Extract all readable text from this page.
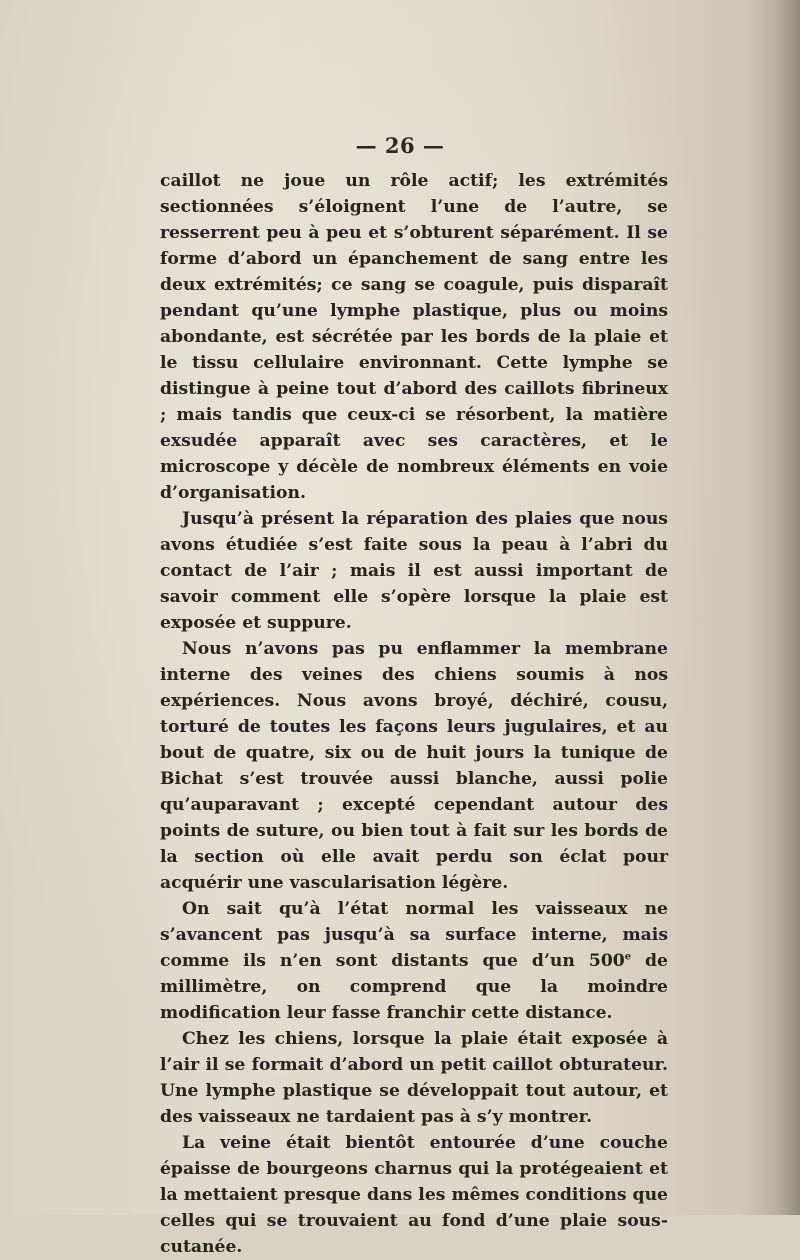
— 26 —

caillot ne joue un rôle actif; les extrémités sectionnées s’éloignent l’une de l’autre, se resserrent peu à peu et s’obturent séparément. Il se forme d’abord un épanchement de sang entre les deux extrémités; ce sang se coagule, puis disparaît pendant qu’une lymphe plastique, plus ou moins abondante, est sécrétée par les bords de la plaie et le tissu cellulaire environnant. Cette lymphe se distingue à peine tout d’abord des caillots fibrineux ; mais tandis que ceux-ci se résorbent, la matière exsudée apparaît avec ses caractères, et le microscope y décèle de nombreux éléments en voie d’organisation.

Jusqu’à présent la réparation des plaies que nous avons étudiée s’est faite sous la peau à l’abri du contact de l’air ; mais il est aussi important de savoir comment elle s’opère lorsque la plaie est exposée et suppure.

Nous n’avons pas pu enflammer la membrane interne des veines des chiens soumis à nos expériences. Nous avons broyé, déchiré, cousu, torturé de toutes les façons leurs jugulaires, et au bout de quatre, six ou de huit jours la tunique de Bichat s’est trouvée aussi blanche, aussi polie qu’auparavant ; excepté cependant autour des points de suture, ou bien tout à fait sur les bords de la section où elle avait perdu son éclat pour acquérir une vascularisation légère.

On sait qu’à l’état normal les vaisseaux ne s’avancent pas jusqu’à sa surface interne, mais comme ils n’en sont distants que d’un 500e de millimètre, on comprend que la moindre modification leur fasse franchir cette distance.

Chez les chiens, lorsque la plaie était exposée à l’air il se formait d’abord un petit caillot obturateur. Une lymphe plastique se développait tout autour, et des vaisseaux ne tardaient pas à s’y montrer.

La veine était bientôt entourée d’une couche épaisse de bourgeons charnus qui la protégeaient et la mettaient presque dans les mêmes conditions que celles qui se trouvaient au fond d’une plaie sous-cutanée.
